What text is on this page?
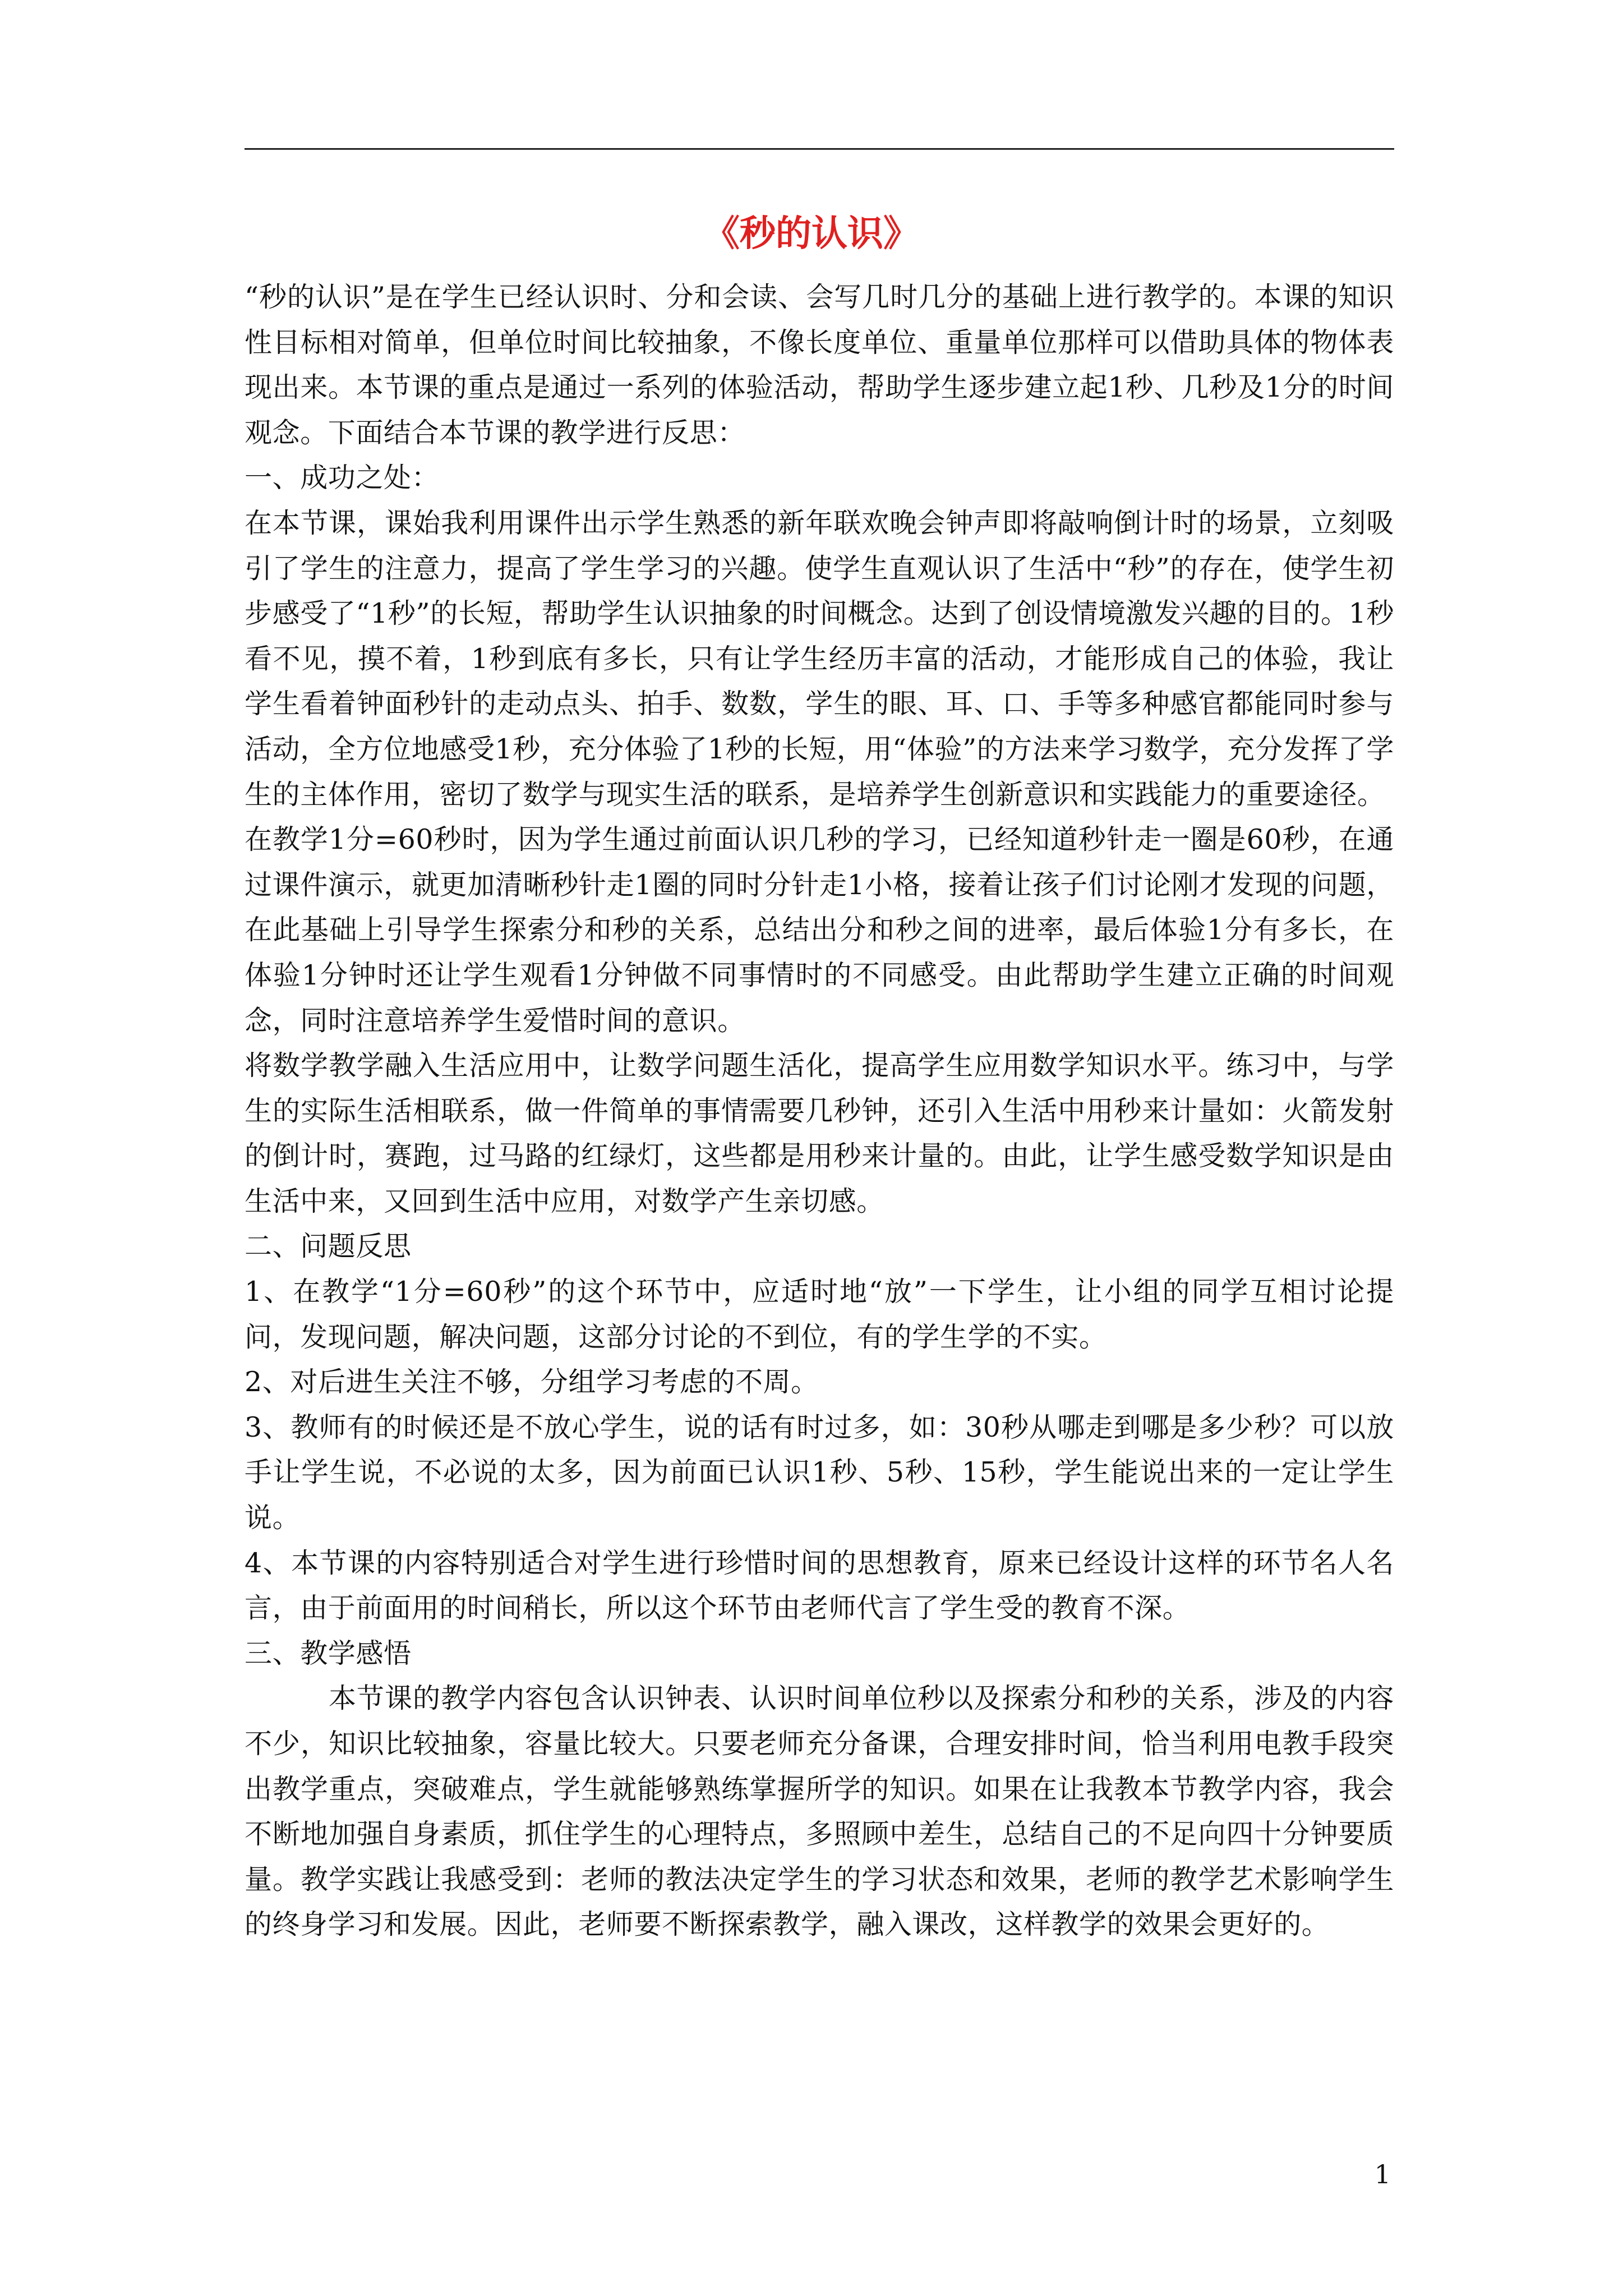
《秒的认识》

“秒的认识”是在学生已经认识时、分和会读、会写几时几分的基础上进行教学的。本课的知识性目标相对简单，但单位时间比较抽象，不像长度单位、重量单位那样可以借助具体的物体表现出来。本节课的重点是通过一系列的体验活动，帮助学生逐步建立起1秒、几秒及1分的时间观念。下面结合本节课的教学进行反思：

一、成功之处：

在本节课，课始我利用课件出示学生熟悉的新年联欢晚会钟声即将敲响倒计时的场景，立刻吸引了学生的注意力，提高了学生学习的兴趣。使学生直观认识了生活中“秒”的存在，使学生初步感受了“1秒”的长短，帮助学生认识抽象的时间概念。达到了创设情境激发兴趣的目的。1秒看不见，摸不着，1秒到底有多长，只有让学生经历丰富的活动，才能形成自己的体验，我让学生看着钟面秒针的走动点头、拍手、数数，学生的眼、耳、口、手等多种感官都能同时参与活动，全方位地感受1秒，充分体验了1秒的长短，用“体验”的方法来学习数学，充分发挥了学生的主体作用，密切了数学与现实生活的联系，是培养学生创新意识和实践能力的重要途径。

在教学1分=60秒时，因为学生通过前面认识几秒的学习，已经知道秒针走一圈是60秒，在通过课件演示，就更加清晰秒针走1圈的同时分针走1小格，接着让孩子们讨论刚才发现的问题，在此基础上引导学生探索分和秒的关系，总结出分和秒之间的进率，最后体验1分有多长，在体验1分钟时还让学生观看1分钟做不同事情时的不同感受。由此帮助学生建立正确的时间观念，同时注意培养学生爱惜时间的意识。

将数学教学融入生活应用中，让数学问题生活化，提高学生应用数学知识水平。练习中，与学生的实际生活相联系，做一件简单的事情需要几秒钟，还引入生活中用秒来计量如：火箭发射的倒计时，赛跑，过马路的红绿灯，这些都是用秒来计量的。由此，让学生感受数学知识是由生活中来，又回到生活中应用，对数学产生亲切感。

二、问题反思

1、在教学“1分=60秒”的这个环节中，应适时地“放”一下学生，让小组的同学互相讨论提问，发现问题，解决问题，这部分讨论的不到位，有的学生学的不实。

2、对后进生关注不够，分组学习考虑的不周。

3、教师有的时候还是不放心学生，说的话有时过多，如：30秒从哪走到哪是多少秒？可以放手让学生说，不必说的太多，因为前面已认识1秒、5秒、15秒，学生能说出来的一定让学生说。

4、本节课的内容特别适合对学生进行珍惜时间的思想教育，原来已经设计这样的环节名人名言，由于前面用的时间稍长，所以这个环节由老师代言了学生受的教育不深。

三、教学感悟

本节课的教学内容包含认识钟表、认识时间单位秒以及探索分和秒的关系，涉及的内容不少，知识比较抽象，容量比较大。只要老师充分备课，合理安排时间，恰当利用电教手段突出教学重点，突破难点，学生就能够熟练掌握所学的知识。如果在让我教本节教学内容，我会不断地加强自身素质，抓住学生的心理特点，多照顾中差生，总结自己的不足向四十分钟要质量。教学实践让我感受到：老师的教法决定学生的学习状态和效果，老师的教学艺术影响学生的终身学习和发展。因此，老师要不断探索教学，融入课改，这样教学的效果会更好的。

1
